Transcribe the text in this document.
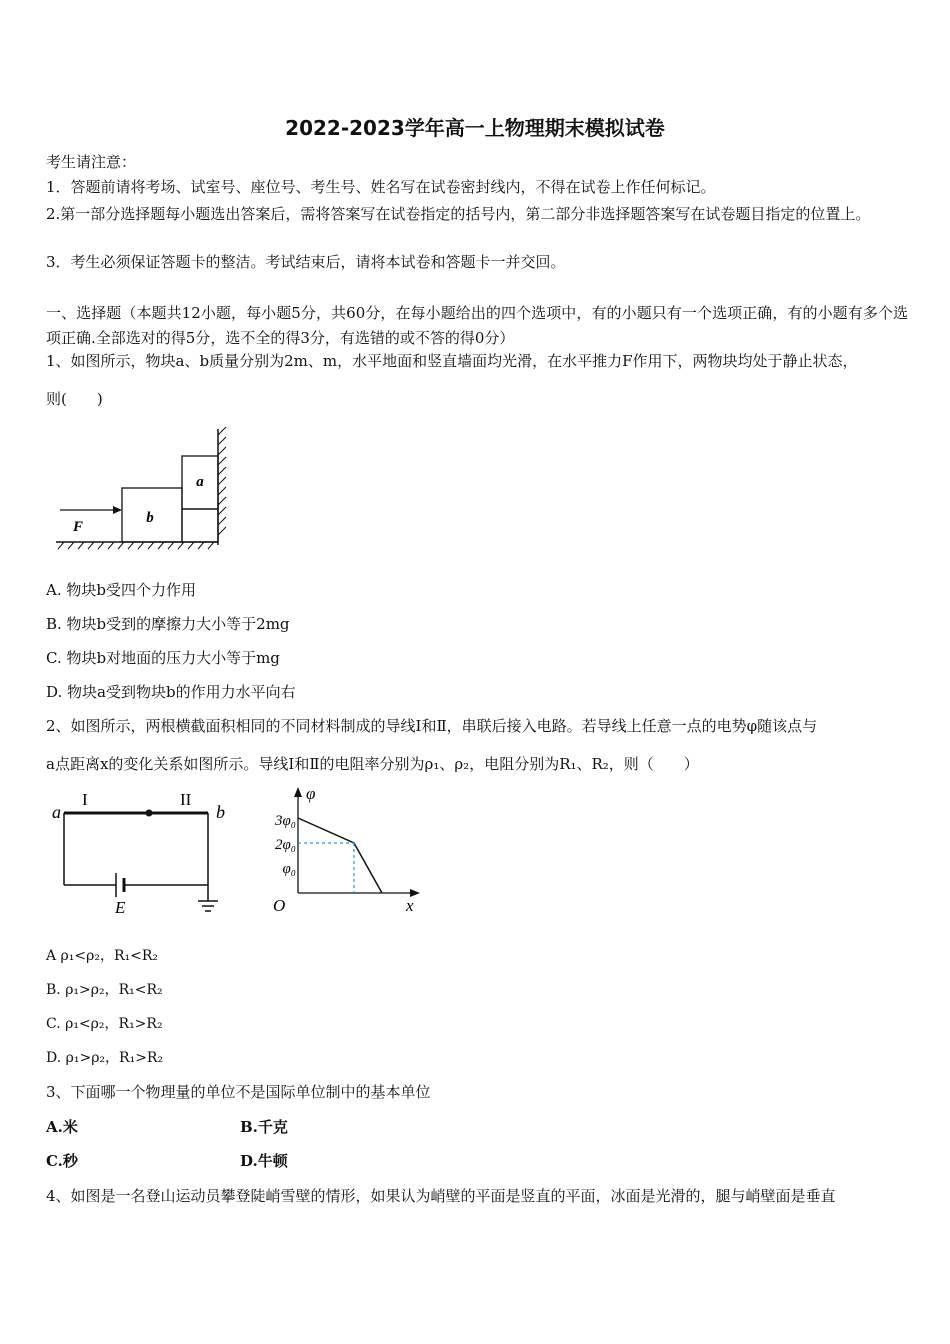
2022-2023学年高一上物理期末模拟试卷
考生请注意：
1．答题前请将考场、试室号、座位号、考生号、姓名写在试卷密封线内，不得在试卷上作任何标记。
2.第一部分选择题每小题选出答案后，需将答案写在试卷指定的括号内，第二部分非选择题答案写在试卷题目指定的位置上。
3．考生必须保证答题卡的整洁。考试结束后，请将本试卷和答题卡一并交回。
一、选择题（本题共12小题，每小题5分，共60分，在每小题给出的四个选项中，有的小题只有一个选项正确，有的小题有多个选项正确.全部选对的得5分，选不全的得3分，有选错的或不答的得0分）
1、如图所示，物块a、b质量分别为2m、m，水平地面和竖直墙面均光滑，在水平推力F作用下，两物块均处于静止状态，
则(　　)
a
b
F
A. 物块b受四个力作用
B. 物块b受到的摩擦力大小等于2mg
C. 物块b对地面的压力大小等于mg
D. 物块a受到物块b的作用力水平向右
2、如图所示，两根横截面积相同的不同材料制成的导线Ⅰ和Ⅱ，串联后接入电路。若导线上任意一点的电势φ随该点与
a点距离x的变化关系如图所示。导线Ⅰ和Ⅱ的电阻率分别为ρ₁、ρ₂，电阻分别为R₁、R₂，则（　　）
a	b
I	II
E
φ
3φ₀
2φ₀
φ₀
O	x
A ρ₁<ρ₂，R₁<R₂
B. ρ₁>ρ₂，R₁<R₂
C. ρ₁<ρ₂，R₁>R₂
D. ρ₁>ρ₂，R₁>R₂
3、下面哪一个物理量的单位不是国际单位制中的基本单位
A.米	B.千克
C.秒	D.牛顿
4、如图是一名登山运动员攀登陡峭雪壁的情形，如果认为峭壁的平面是竖直的平面，冰面是光滑的，腿与峭壁面是垂直
